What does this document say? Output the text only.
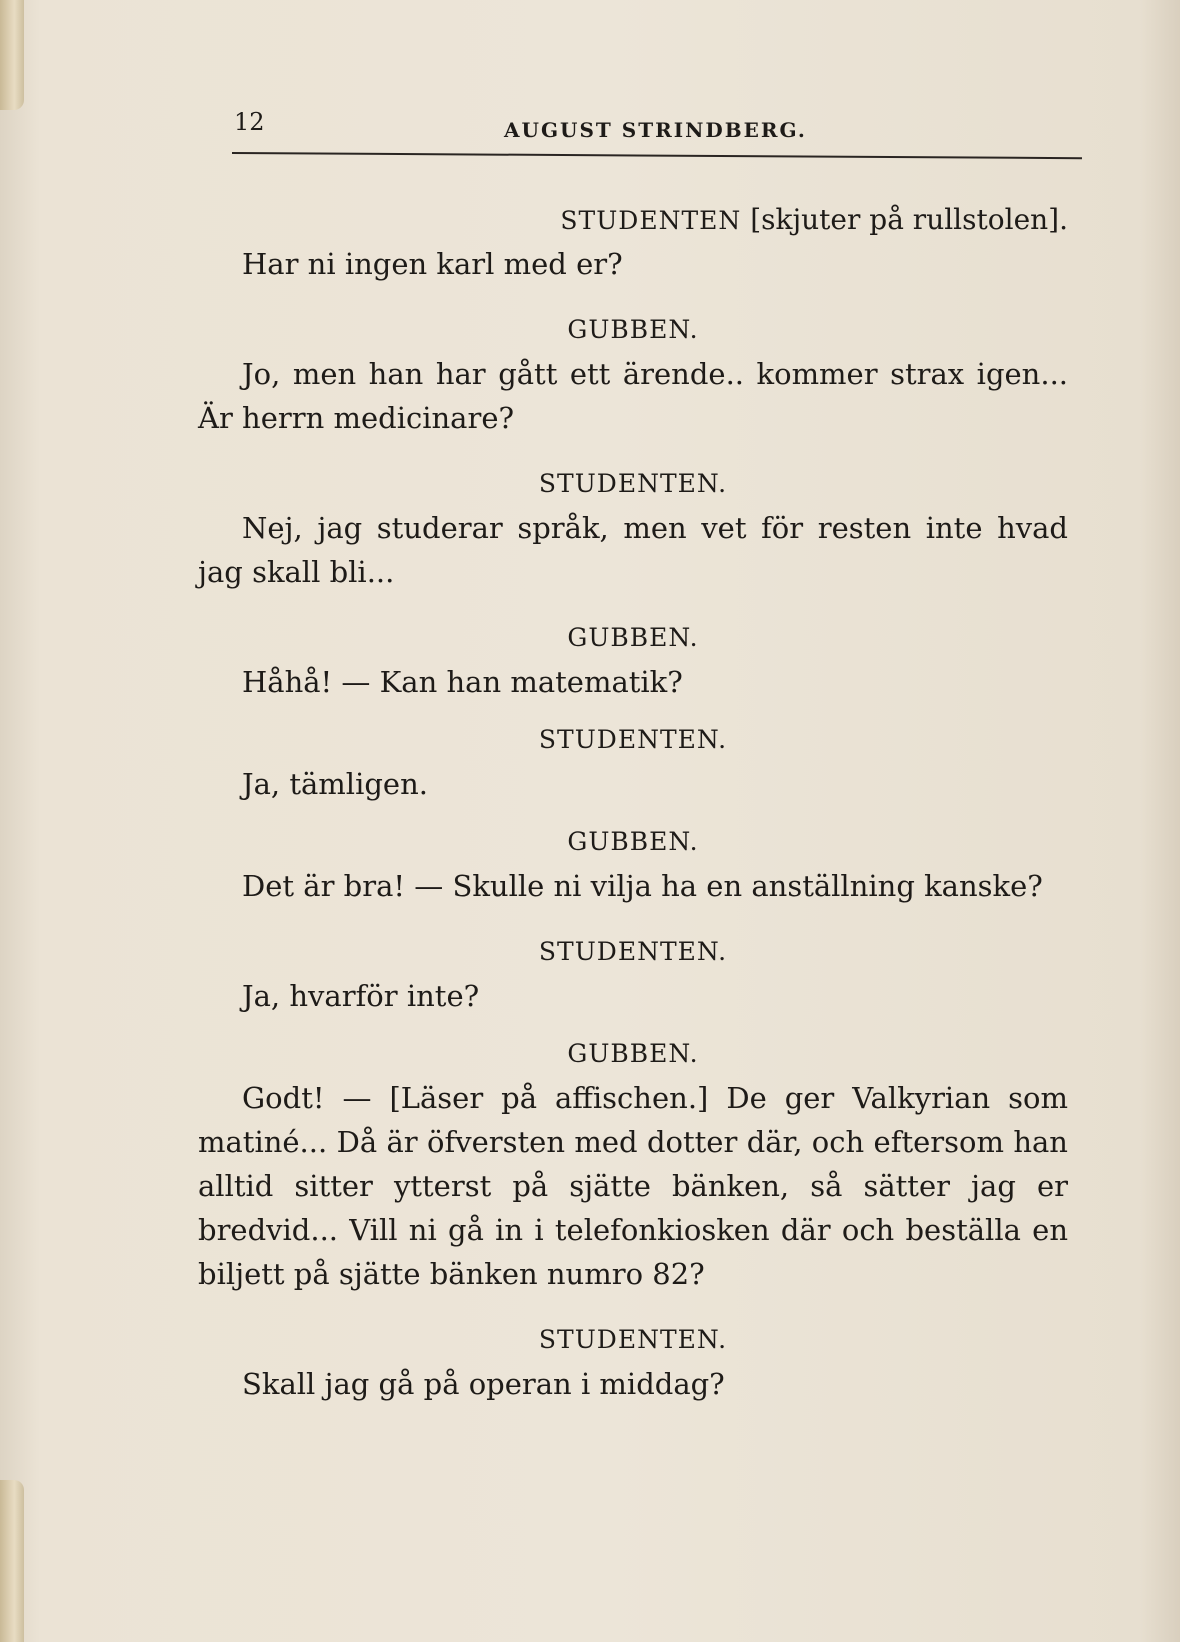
12	AUGUST STRINDBERG.

STUDENTEN [skjuter på rullstolen].

Har ni ingen karl med er?

GUBBEN.

Jo, men han har gått ett ärende.. kommer strax igen... Är herrn medicinare?

STUDENTEN.

Nej, jag studerar språk, men vet för resten inte hvad jag skall bli...

GUBBEN.

Håhå! — Kan han matematik?

STUDENTEN.

Ja, tämligen.

GUBBEN.

Det är bra! — Skulle ni vilja ha en anställning kanske?

STUDENTEN.

Ja, hvarför inte?

GUBBEN.

Godt! — [Läser på affischen.] De ger Valkyrian som matiné... Då är öfversten med dotter där, och eftersom han alltid sitter ytterst på sjätte bänken, så sätter jag er bredvid... Vill ni gå in i telefonkiosken där och beställa en biljett på sjätte bänken numro 82?

STUDENTEN.

Skall jag gå på operan i middag?
